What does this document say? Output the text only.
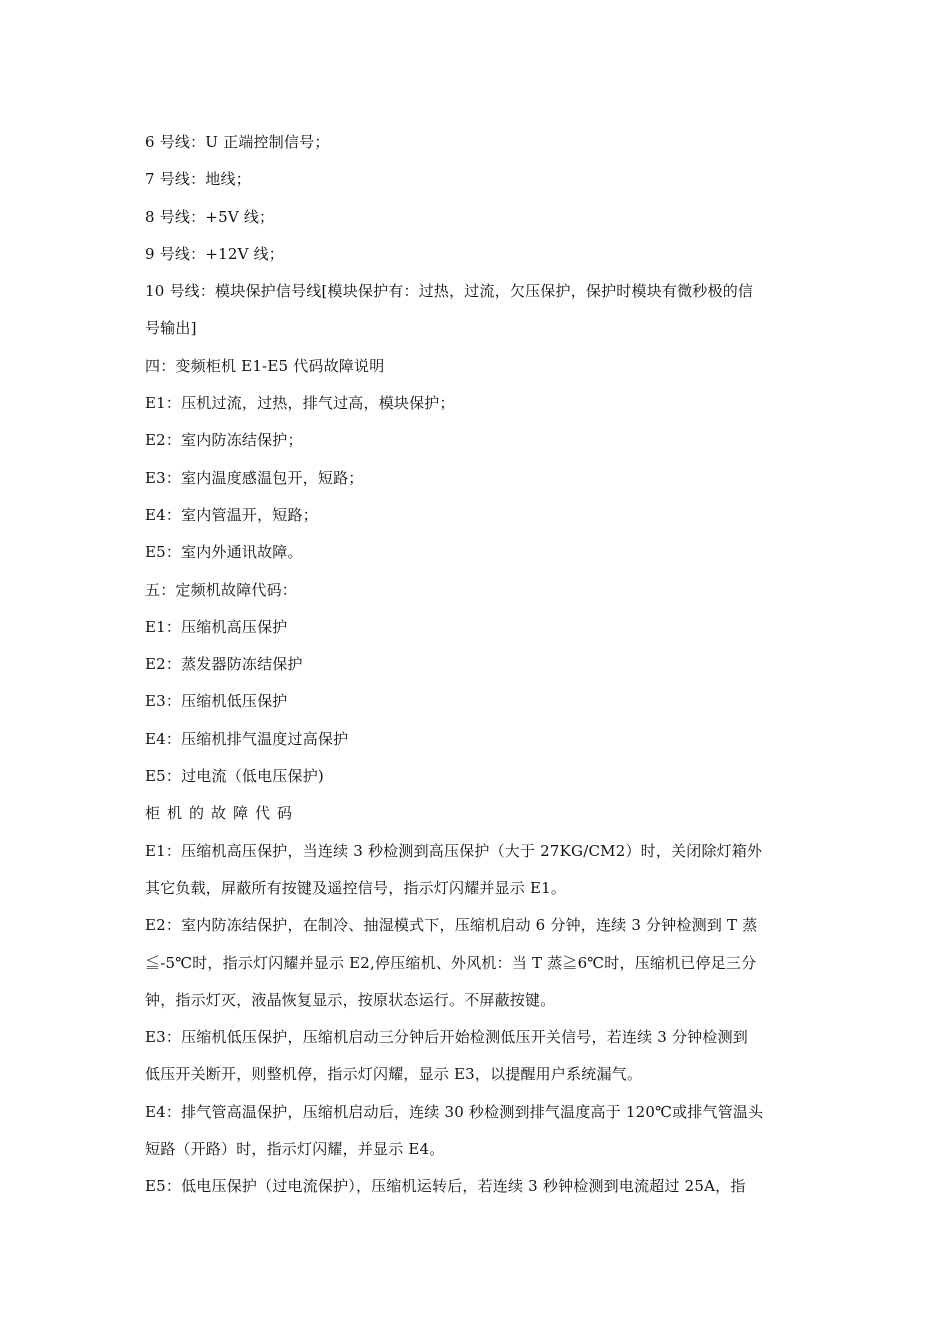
6 号线：U 正端控制信号；
7 号线：地线；
8 号线：+5V 线；
9 号线：+12V 线；
10 号线：模块保护信号线[模块保护有：过热，过流，欠压保护，保护时模块有微秒极的信
号输出]
四：变频柜机 E1-E5 代码故障说明
E1：压机过流，过热，排气过高，模块保护；
E2：室内防冻结保护；
E3：室内温度感温包开，短路；
E4：室内管温开，短路；
E5：室内外通讯故障。
五：定频机故障代码：
E1：压缩机高压保护
E2：蒸发器防冻结保护
E3：压缩机低压保护
E4：压缩机排气温度过高保护
E5：过电流（低电压保护)
柜机的故障代码
E1：压缩机高压保护，当连续 3 秒检测到高压保护（大于 27KG/CM2）时，关闭除灯箱外
其它负载，屏蔽所有按键及遥控信号，指示灯闪耀并显示 E1。
E2：室内防冻结保护，在制冷、抽湿模式下，压缩机启动 6 分钟，连续 3 分钟检测到 T 蒸
≦-5℃时，指示灯闪耀并显示 E2,停压缩机、外风机：当 T 蒸≧6℃时，压缩机已停足三分
钟，指示灯灭，液晶恢复显示，按原状态运行。不屏蔽按键。
E3：压缩机低压保护，压缩机启动三分钟后开始检测低压开关信号，若连续 3 分钟检测到
低压开关断开，则整机停，指示灯闪耀，显示 E3，以提醒用户系统漏气。
E4：排气管高温保护，压缩机启动后，连续 30 秒检测到排气温度高于 120℃或排气管温头
短路（开路）时，指示灯闪耀，并显示 E4。
E5：低电压保护（过电流保护），压缩机运转后，若连续 3 秒钟检测到电流超过 25A，指
